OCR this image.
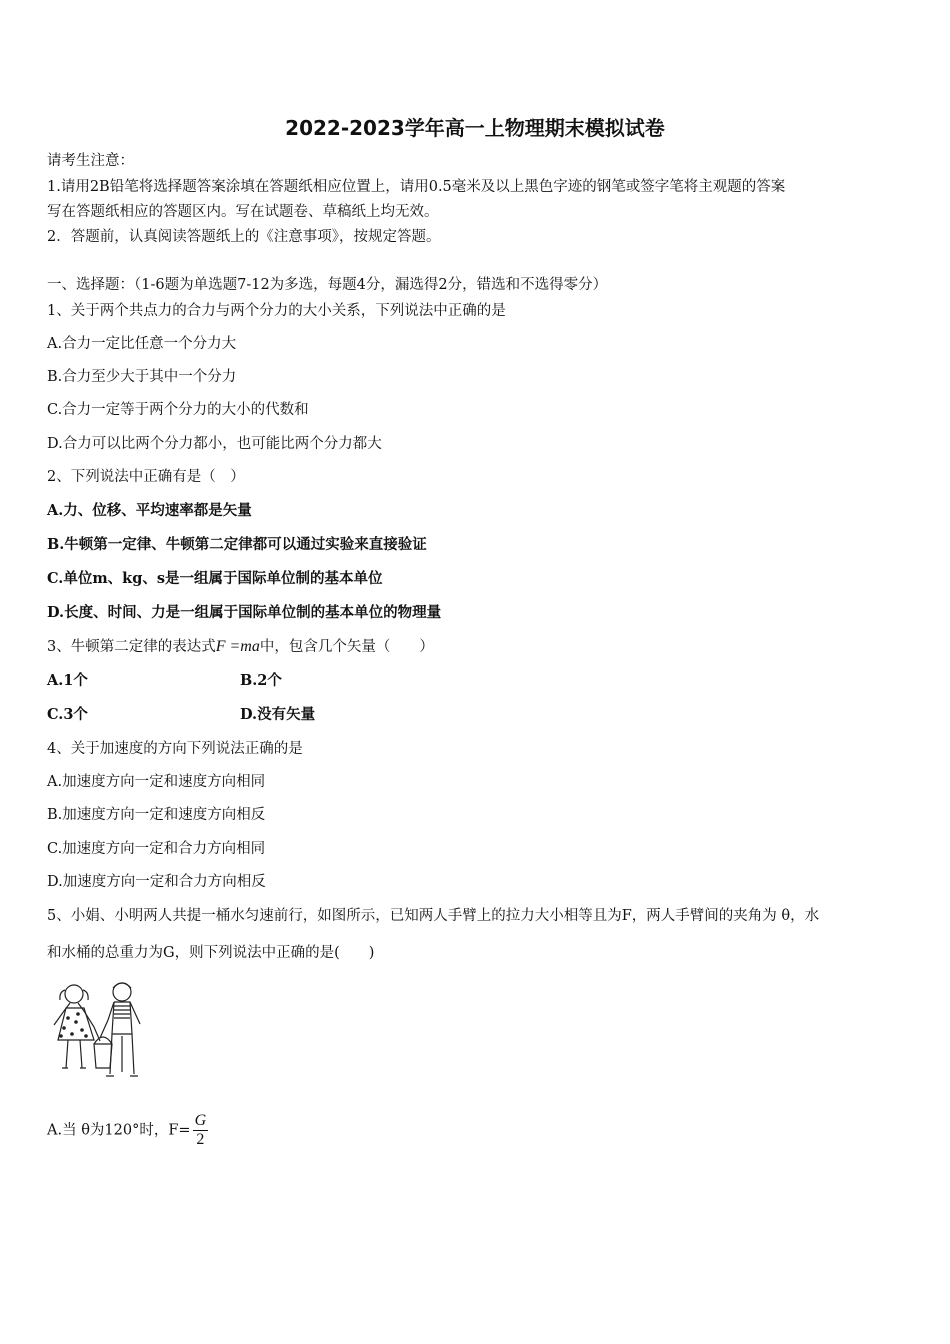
2022-2023学年高一上物理期末模拟试卷
请考生注意：
1.请用2B铅笔将选择题答案涂填在答题纸相应位置上，请用0.5毫米及以上黑色字迹的钢笔或签字笔将主观题的答案
写在答题纸相应的答题区内。写在试题卷、草稿纸上均无效。
2．答题前，认真阅读答题纸上的《注意事项》，按规定答题。
一、选择题：（1-6题为单选题7-12为多选，每题4分，漏选得2分，错选和不选得零分）
1、关于两个共点力的合力与两个分力的大小关系，下列说法中正确的是
A.合力一定比任意一个分力大
B.合力至少大于其中一个分力
C.合力一定等于两个分力的大小的代数和
D.合力可以比两个分力都小，也可能比两个分力都大
2、下列说法中正确有是（　）
A.力、位移、平均速率都是矢量
B.牛顿第一定律、牛顿第二定律都可以通过实验来直接验证
C.单位m、kg、s是一组属于国际单位制的基本单位
D.长度、时间、力是一组属于国际单位制的基本单位的物理量
3、牛顿第二定律的表达式F =ma中，包含几个矢量（　　）
A.1个	B.2个
C.3个	D.没有矢量
4、关于加速度的方向下列说法正确的是
A.加速度方向一定和速度方向相同
B.加速度方向一定和速度方向相反
C.加速度方向一定和合力方向相同
D.加速度方向一定和合力方向相反
5、小娟、小明两人共提一桶水匀速前行，如图所示，已知两人手臂上的拉力大小相等且为F，两人手臂间的夹角为 θ，水
和水桶的总重力为G，则下列说法中正确的是(　　)
A.当 θ为120°时，$F= \frac{G}{2}$
